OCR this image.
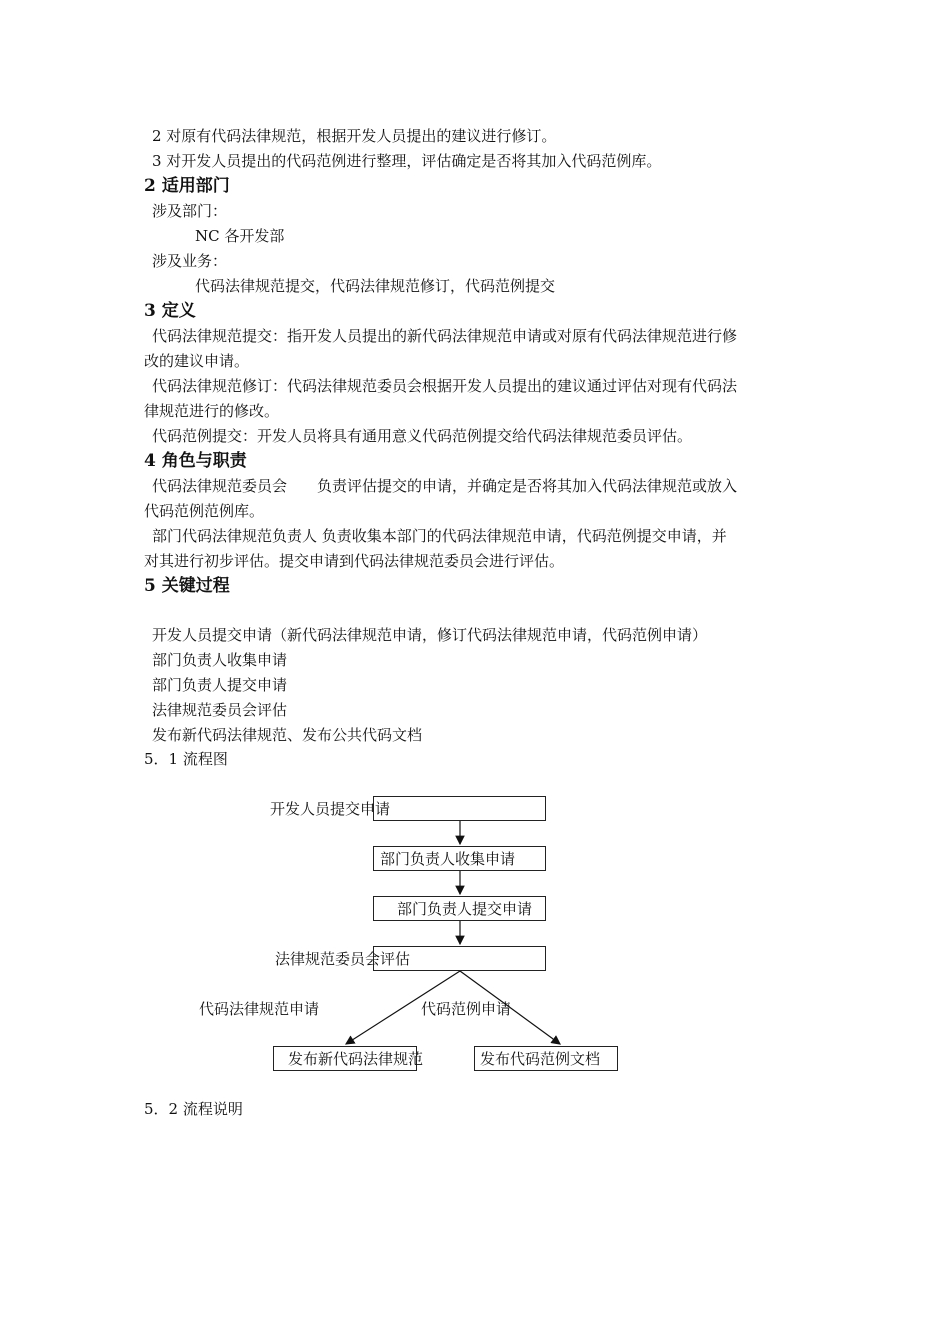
2 对原有代码法律规范，根据开发人员提出的建议进行修订。
3 对开发人员提出的代码范例进行整理，评估确定是否将其加入代码范例库。
2 适用部门
涉及部门：
NC 各开发部
涉及业务：
代码法律规范提交，代码法律规范修订，代码范例提交
3 定义
代码法律规范提交：指开发人员提出的新代码法律规范申请或对原有代码法律规范进行修
改的建议申请。
代码法律规范修订：代码法律规范委员会根据开发人员提出的建议通过评估对现有代码法
律规范进行的修改。
代码范例提交：开发人员将具有通用意义代码范例提交给代码法律规范委员评估。
4 角色与职责
代码法律规范委员会　　负责评估提交的申请，并确定是否将其加入代码法律规范或放入
代码范例范例库。
部门代码法律规范负责人 负责收集本部门的代码法律规范申请，代码范例提交申请，并
对其进行初步评估。提交申请到代码法律规范委员会进行评估。
5 关键过程
开发人员提交申请（新代码法律规范申请，修订代码法律规范申请，代码范例申请）
部门负责人收集申请
部门负责人提交申请
法律规范委员会评估
发布新代码法律规范、发布公共代码文档
5．1 流程图
开发人员提交申请
部门负责人收集申请
部门负责人提交申请
法律规范委员会评估
代码法律规范申请	代码范例申请
发布新代码法律规范	发布代码范例文档
5．2 流程说明
